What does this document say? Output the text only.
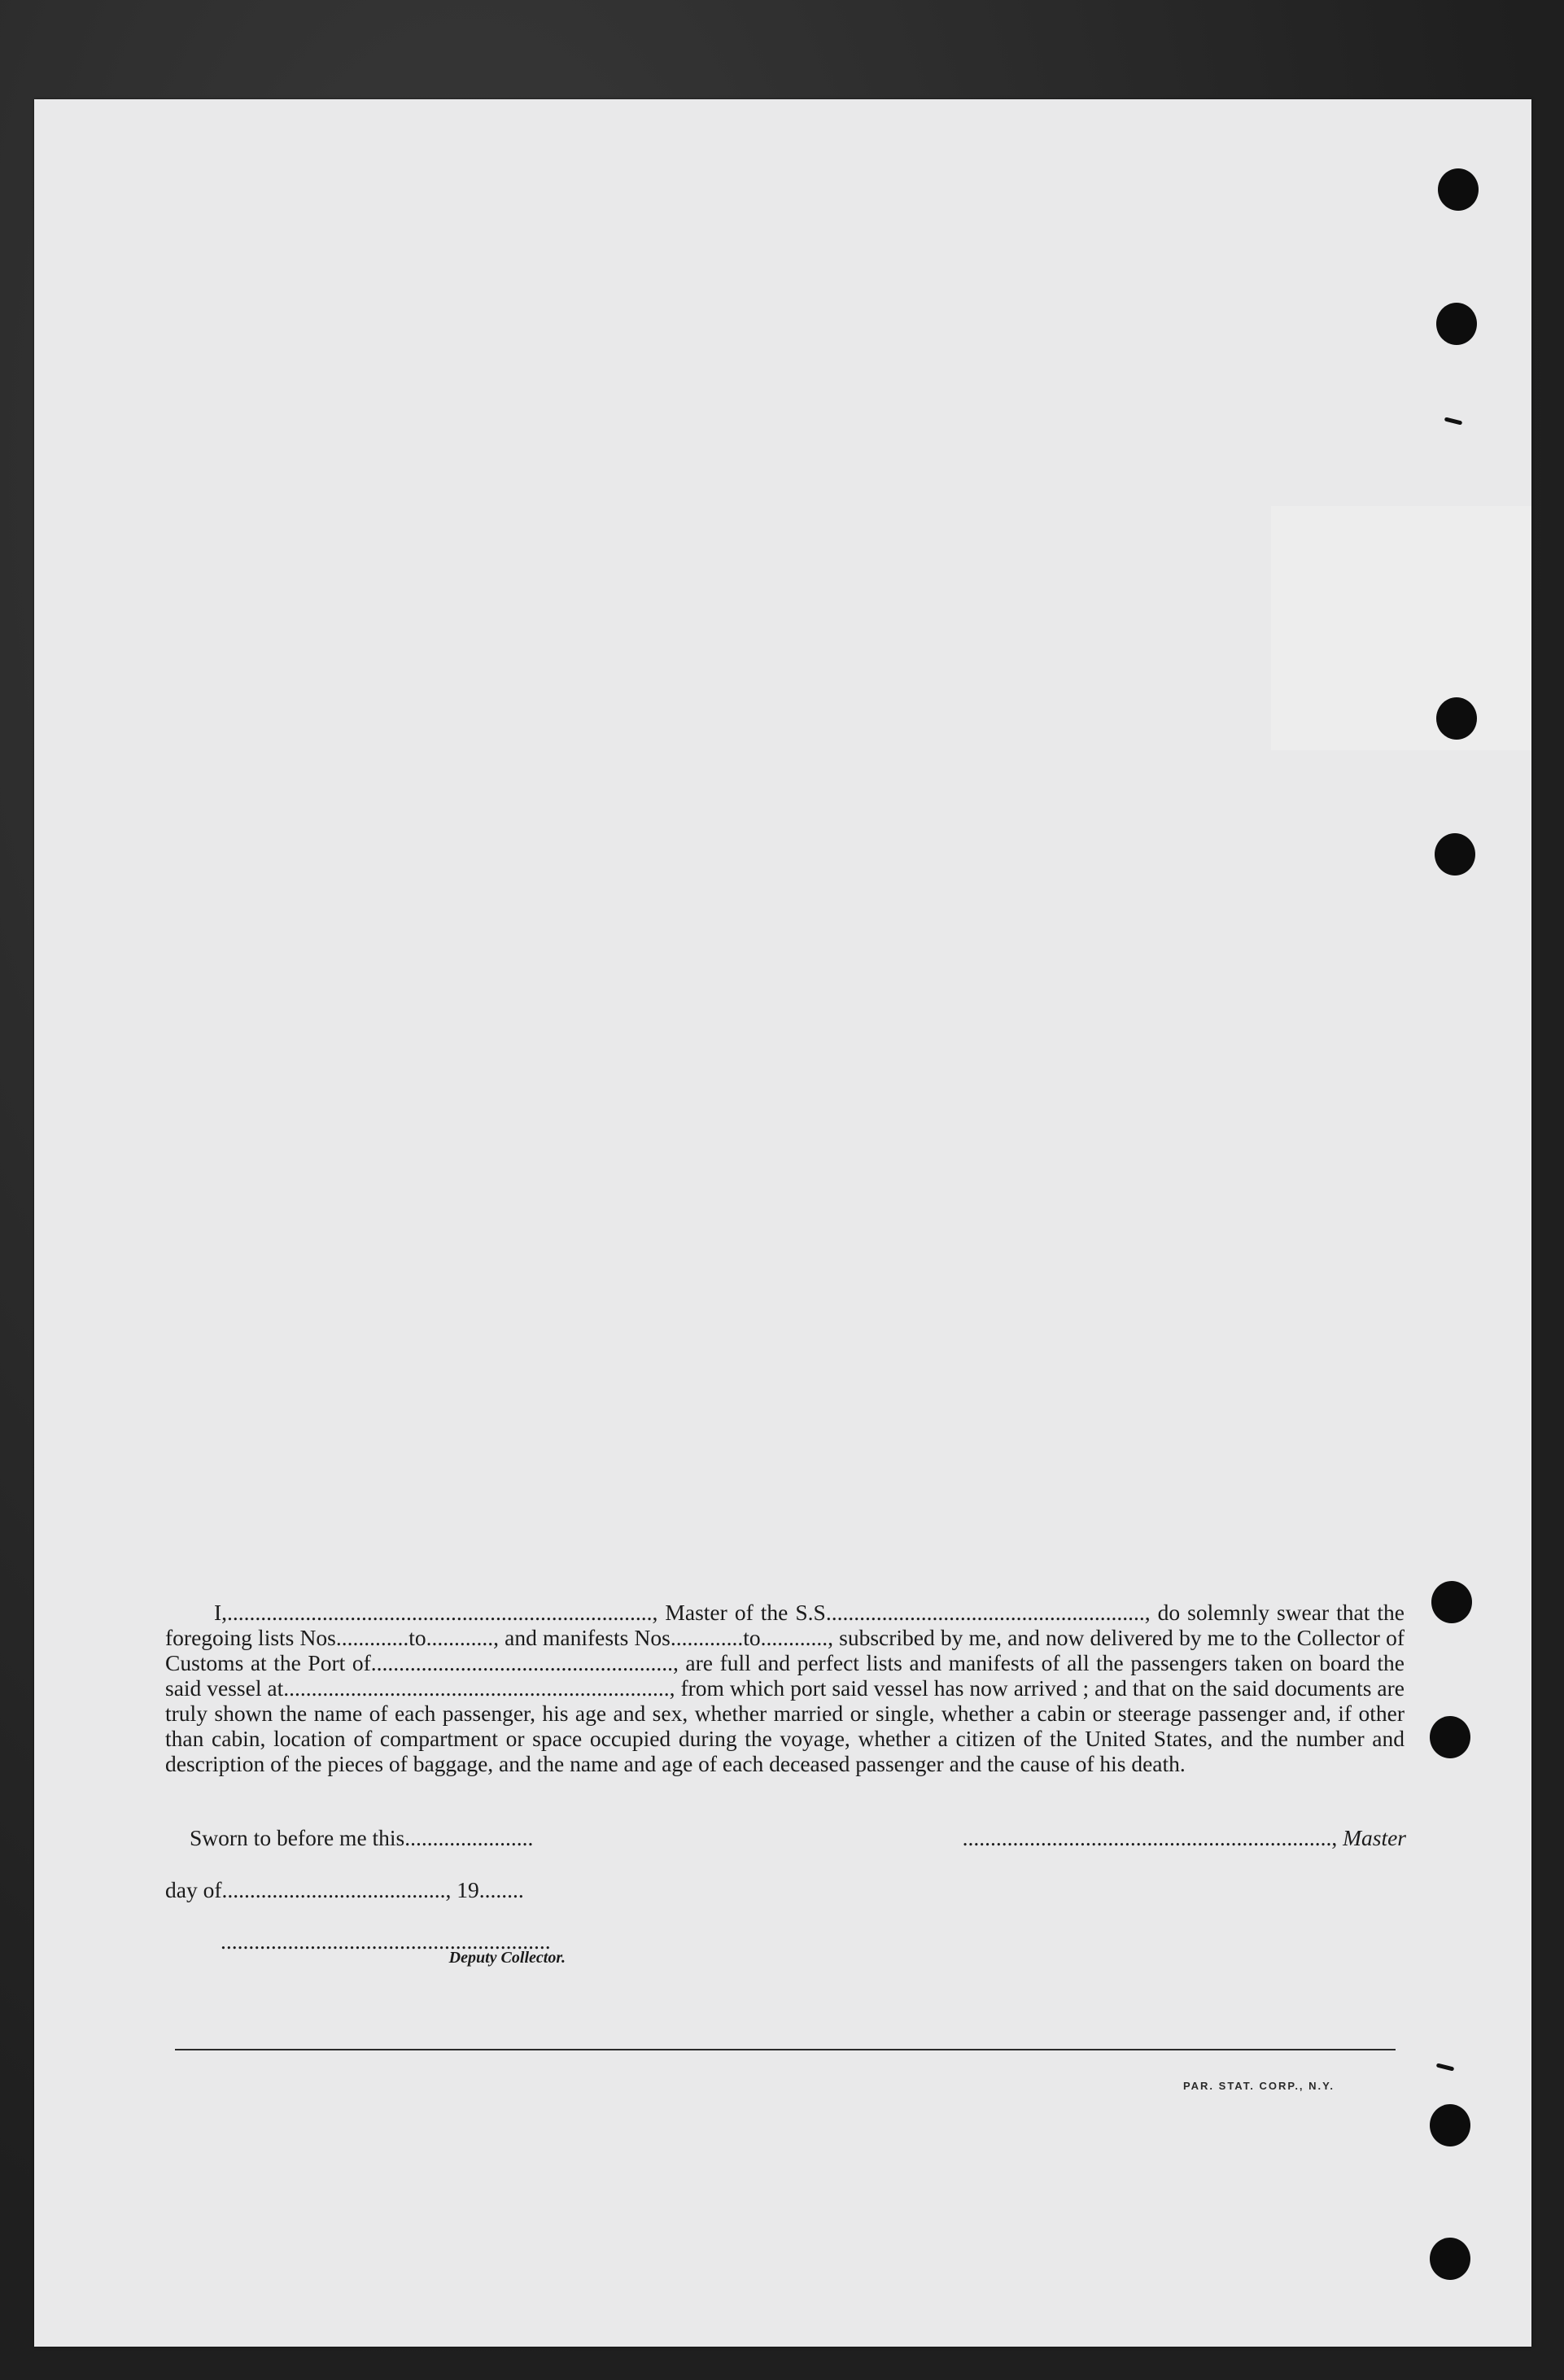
I,............................................................................, Master of the S.S........................................................., do solemnly swear that the foregoing lists Nos.............to............, and manifests Nos.............to............, subscribed by me, and now delivered by me to the Collector of Customs at the Port of......................................................, are full and perfect lists and manifests of all the passengers taken on board the said vessel at....................................................................., from which port said vessel has now arrived ; and that on the said documents are truly shown the name of each passenger, his age and sex, whether married or single, whether a cabin or steerage passenger and, if other than cabin, location of compartment or space occupied during the voyage, whether a citizen of the United States, and the number and description of the pieces of baggage, and the name and age of each deceased passenger and the cause of his death.

Sworn to before me this.......................	.................................................................., Master
day of........................................, 19........
...........................................................
Deputy Collector.
PAR. STAT. CORP., N.Y.
